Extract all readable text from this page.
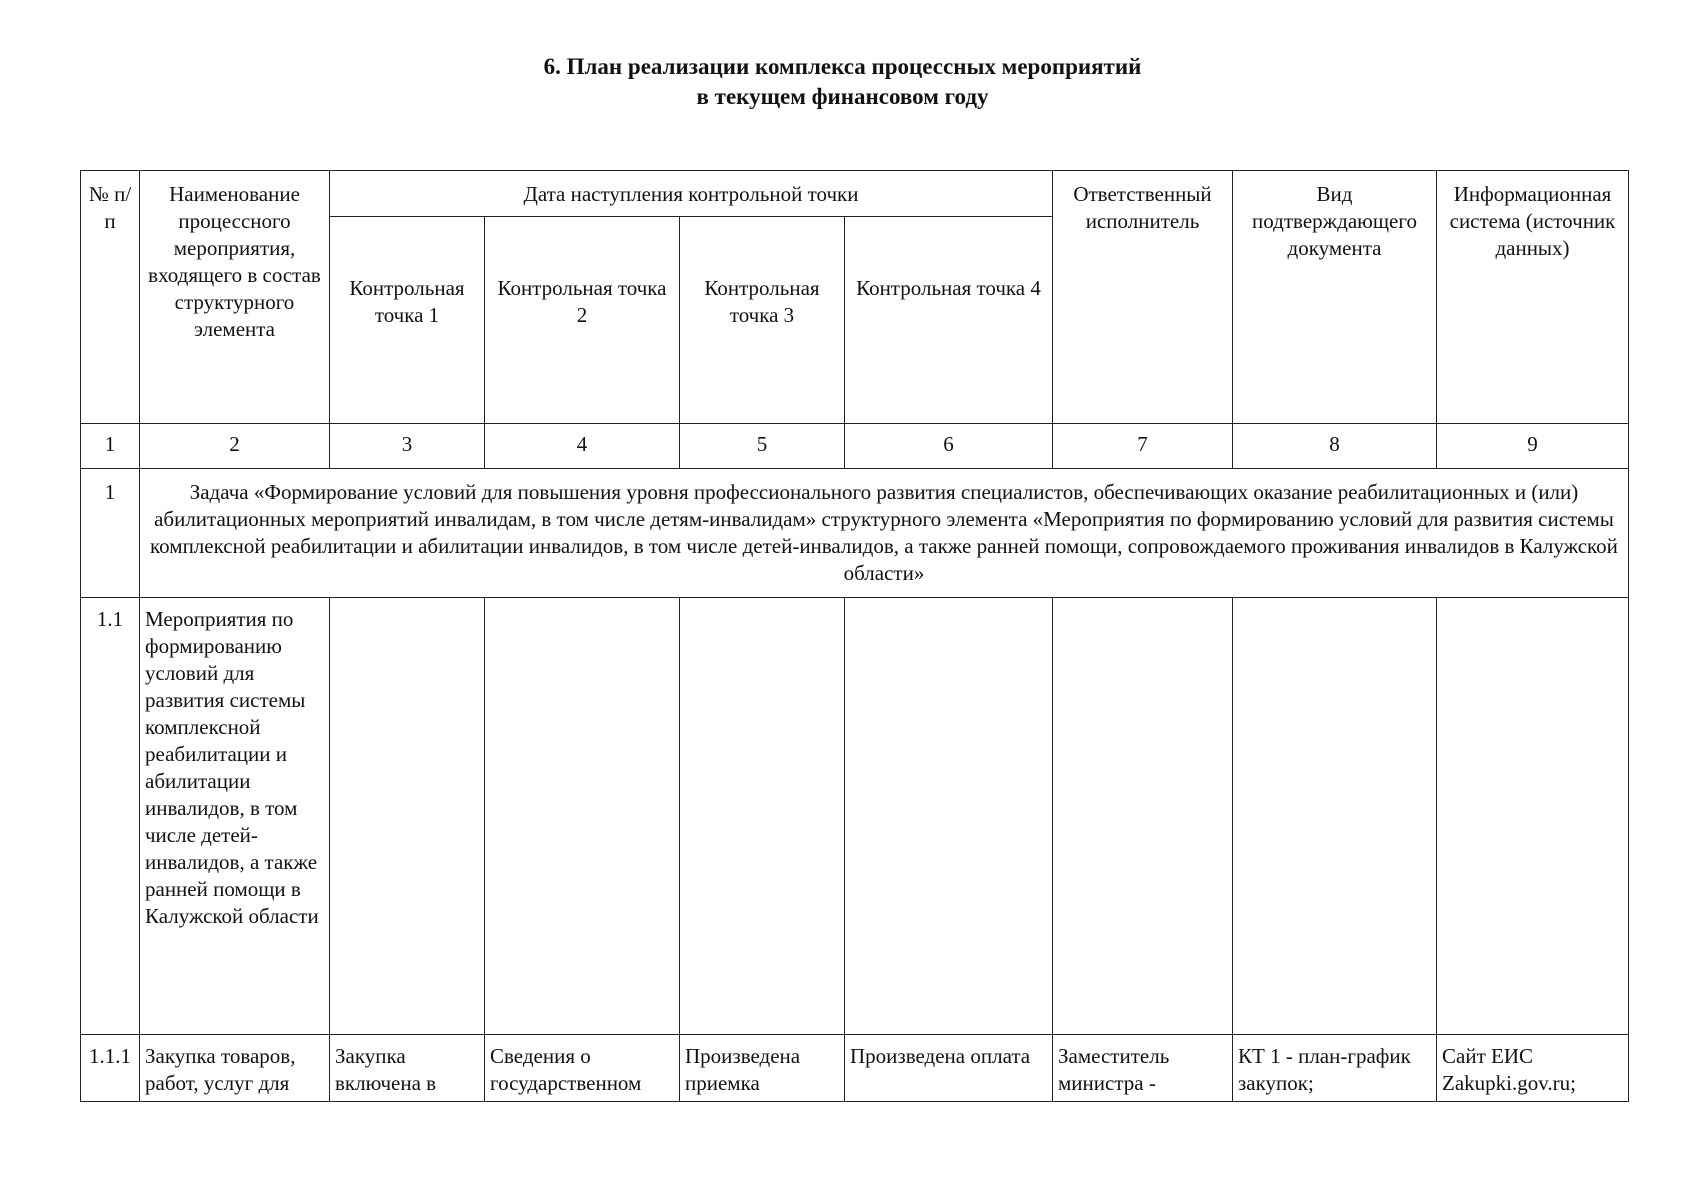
6. План реализации комплекса процессных мероприятий
в текущем финансовом году
№ п/п	Наименование процессного мероприятия, входящего в состав структурного элемента	Дата наступления контрольной точки				Ответственный исполнитель	Вид подтверждающего документа	Информационная система (источник данных)
		Контрольная точка 1	Контрольная точка 2	Контрольная точка 3	Контрольная точка 4			
1	2	3	4	5	6	7	8	9
1	Задача «Формирование условий для повышения уровня профессионального развития специалистов, обеспечивающих оказание реабилитационных и (или) абилитационных мероприятий инвалидам, в том числе детям-инвалидам» структурного элемента «Мероприятия по формированию условий для развития системы комплексной реабилитации и абилитации инвалидов, в том числе детей-инвалидов, а также ранней помощи, сопровождаемого проживания инвалидов в Калужской области»							
1.1	Мероприятия по формированию условий для развития системы комплексной реабилитации и абилитации инвалидов, в том числе детей-инвалидов, а также ранней помощи в Калужской области							
1.1.1	Закупка товаров, работ, услуг для	Закупка включена в	Сведения о государственном	Произведена приемка	Произведена оплата	Заместитель министра -	КТ 1 - план-график закупок;	Сайт ЕИС Zakupki.gov.ru;
